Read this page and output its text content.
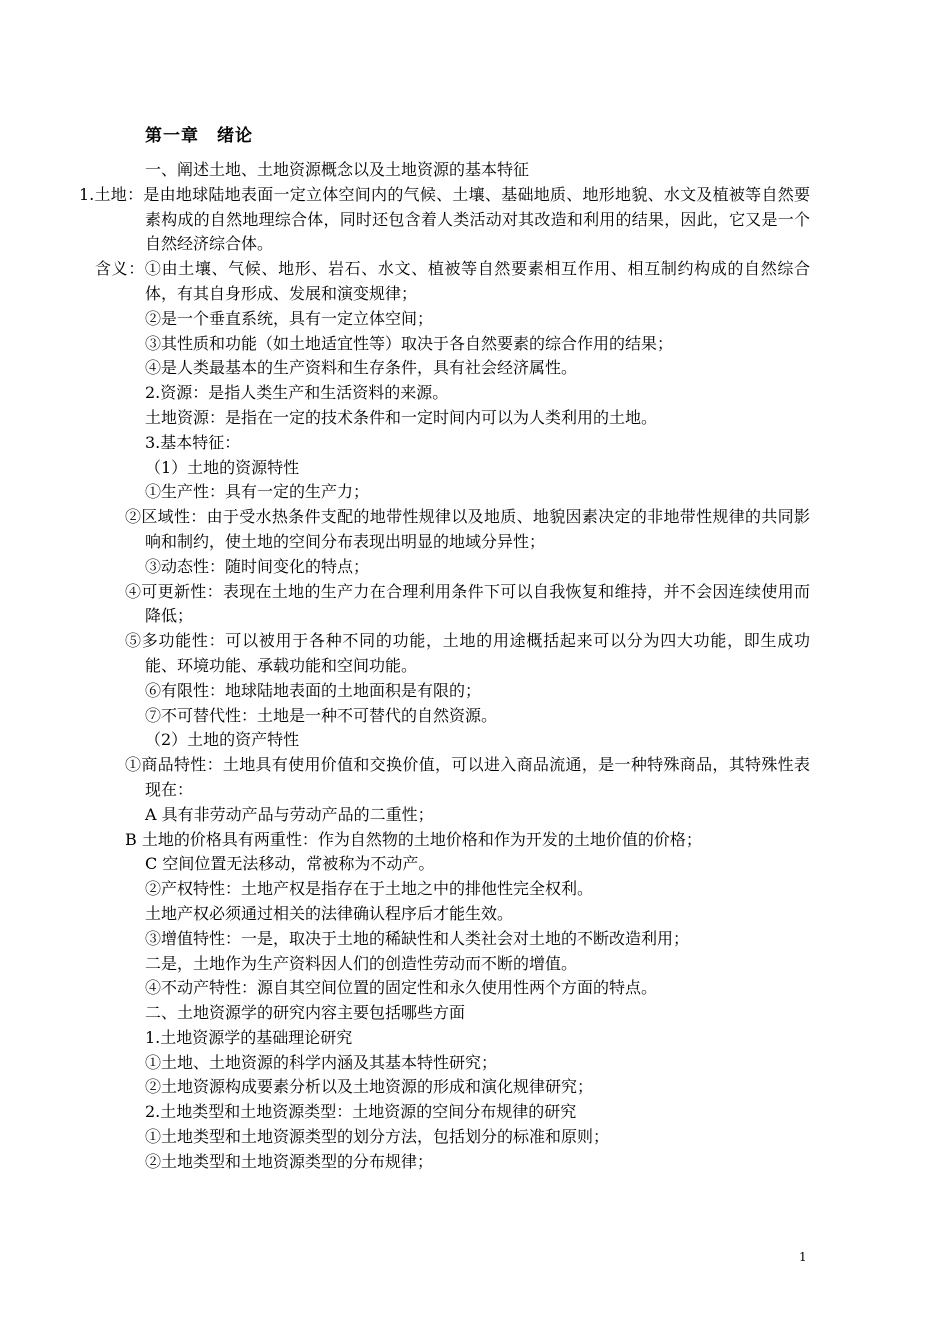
第一章　绪论

一、阐述土地、土地资源概念以及土地资源的基本特征

1.土地：是由地球陆地表面一定立体空间内的气候、土壤、基础地质、地形地貌、水文及植被等自然要素构成的自然地理综合体，同时还包含着人类活动对其改造和利用的结果，因此，它又是一个自然经济综合体。

含义：①由土壤、气候、地形、岩石、水文、植被等自然要素相互作用、相互制约构成的自然综合体，有其自身形成、发展和演变规律；

②是一个垂直系统，具有一定立体空间；

③其性质和功能（如土地适宜性等）取决于各自然要素的综合作用的结果；

④是人类最基本的生产资料和生存条件，具有社会经济属性。

2.资源：是指人类生产和生活资料的来源。

土地资源：是指在一定的技术条件和一定时间内可以为人类利用的土地。

3.基本特征：

（1）土地的资源特性

①生产性：具有一定的生产力；

②区域性：由于受水热条件支配的地带性规律以及地质、地貌因素决定的非地带性规律的共同影响和制约，使土地的空间分布表现出明显的地域分异性；

③动态性：随时间变化的特点；

④可更新性：表现在土地的生产力在合理利用条件下可以自我恢复和维持，并不会因连续使用而降低；

⑤多功能性：可以被用于各种不同的功能，土地的用途概括起来可以分为四大功能，即生成功能、环境功能、承载功能和空间功能。

⑥有限性：地球陆地表面的土地面积是有限的；

⑦不可替代性：土地是一种不可替代的自然资源。

（2）土地的资产特性

①商品特性：土地具有使用价值和交换价值，可以进入商品流通，是一种特殊商品，其特殊性表现在：

A 具有非劳动产品与劳动产品的二重性；

B 土地的价格具有两重性：作为自然物的土地价格和作为开发的土地价值的价格；

C 空间位置无法移动，常被称为不动产。

②产权特性：土地产权是指存在于土地之中的排他性完全权利。

土地产权必须通过相关的法律确认程序后才能生效。

③增值特性：一是，取决于土地的稀缺性和人类社会对土地的不断改造利用；

二是，土地作为生产资料因人们的创造性劳动而不断的增值。

④不动产特性：源自其空间位置的固定性和永久使用性两个方面的特点。

二、土地资源学的研究内容主要包括哪些方面

1.土地资源学的基础理论研究

①土地、土地资源的科学内涵及其基本特性研究；

②土地资源构成要素分析以及土地资源的形成和演化规律研究；

2.土地类型和土地资源类型：土地资源的空间分布规律的研究

①土地类型和土地资源类型的划分方法，包括划分的标准和原则；

②土地类型和土地资源类型的分布规律；

1
